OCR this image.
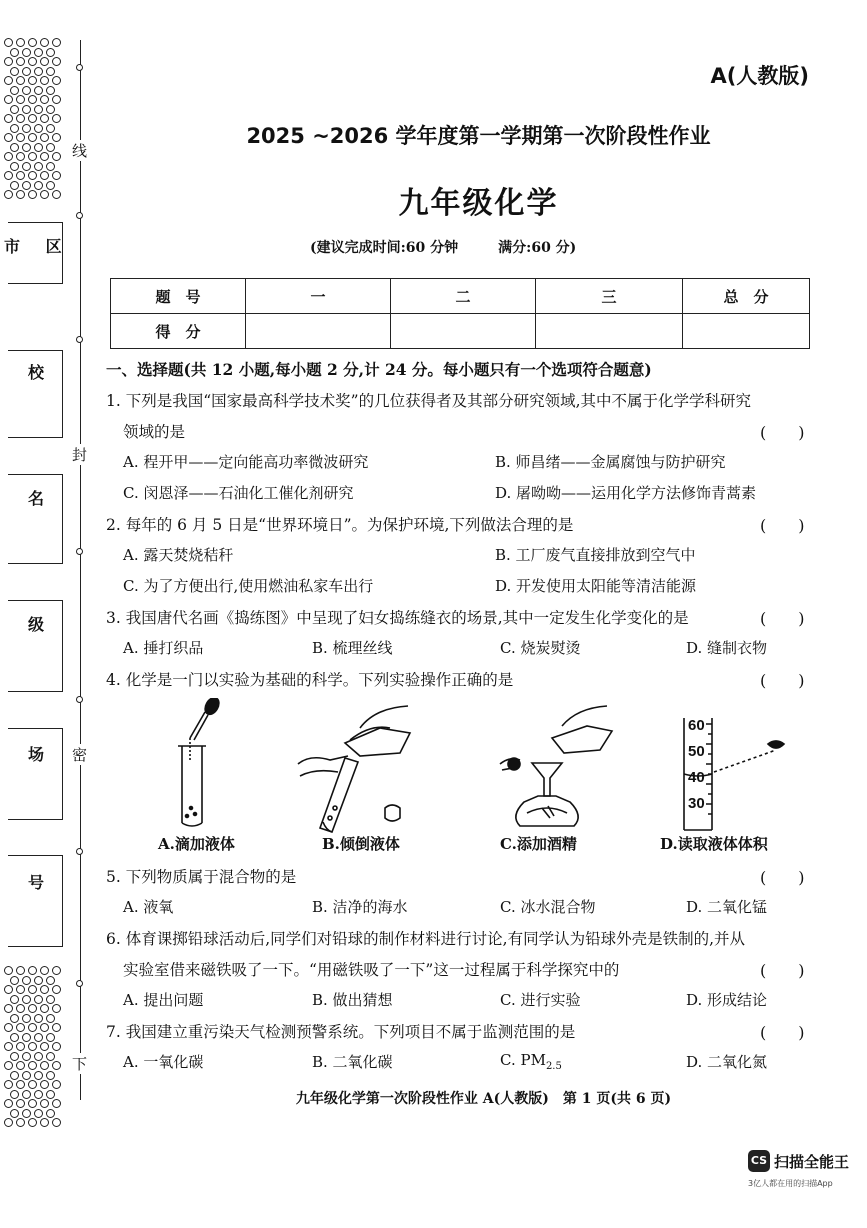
线
封
密
下
市 区
校
名
级
场
号
A(人教版)
2025 ~2026 学年度第一学期第一次阶段性作业
九年级化学
(建议完成时间:60 分钟	满分:60 分)
题　号	一	二	三	总　分
得　分				
一、选择题(共 12 小题,每小题 2 分,计 24 分。每小题只有一个选项符合题意)
1. 下列是我国“国家最高科学技术奖”的几位获得者及其部分研究领域,其中不属于化学学科研究
领域的是	(　　)
A. 程开甲——定向能高功率微波研究	B. 师昌绪——金属腐蚀与防护研究
C. 闵恩泽——石油化工催化剂研究	D. 屠呦呦——运用化学方法修饰青蒿素
2. 每年的 6 月 5 日是“世界环境日”。为保护环境,下列做法合理的是	(　　)
A. 露天焚烧秸秆	B. 工厂废气直接排放到空气中
C. 为了方便出行,使用燃油私家车出行	D. 开发使用太阳能等清洁能源
3. 我国唐代名画《捣练图》中呈现了妇女捣练缝衣的场景,其中一定发生化学变化的是	(　　)
A. 捶打织品	B. 梳理丝线	C. 烧炭熨烫	D. 缝制衣物
4. 化学是一门以实验为基础的科学。下列实验操作正确的是	(　　)
60
50
40
30
A.滴加液体	B.倾倒液体	C.添加酒精	D.读取液体体积
5. 下列物质属于混合物的是	(　　)
A. 液氧	B. 洁净的海水	C. 冰水混合物	D. 二氧化锰
6. 体育课掷铅球活动后,同学们对铅球的制作材料进行讨论,有同学认为铅球外壳是铁制的,并从
实验室借来磁铁吸了一下。“用磁铁吸了一下”这一过程属于科学探究中的	(　　)
A. 提出问题	B. 做出猜想	C. 进行实验	D. 形成结论
7. 我国建立重污染天气检测预警系统。下列项目不属于监测范围的是	(　　)
A. 一氧化碳	B. 二氧化碳	C. $PM_{2.5}$	D. 二氧化氮
九年级化学第一次阶段性作业 A(人教版)　第 1 页(共 6 页)
CS 扫描全能王
3亿人都在用的扫描App
